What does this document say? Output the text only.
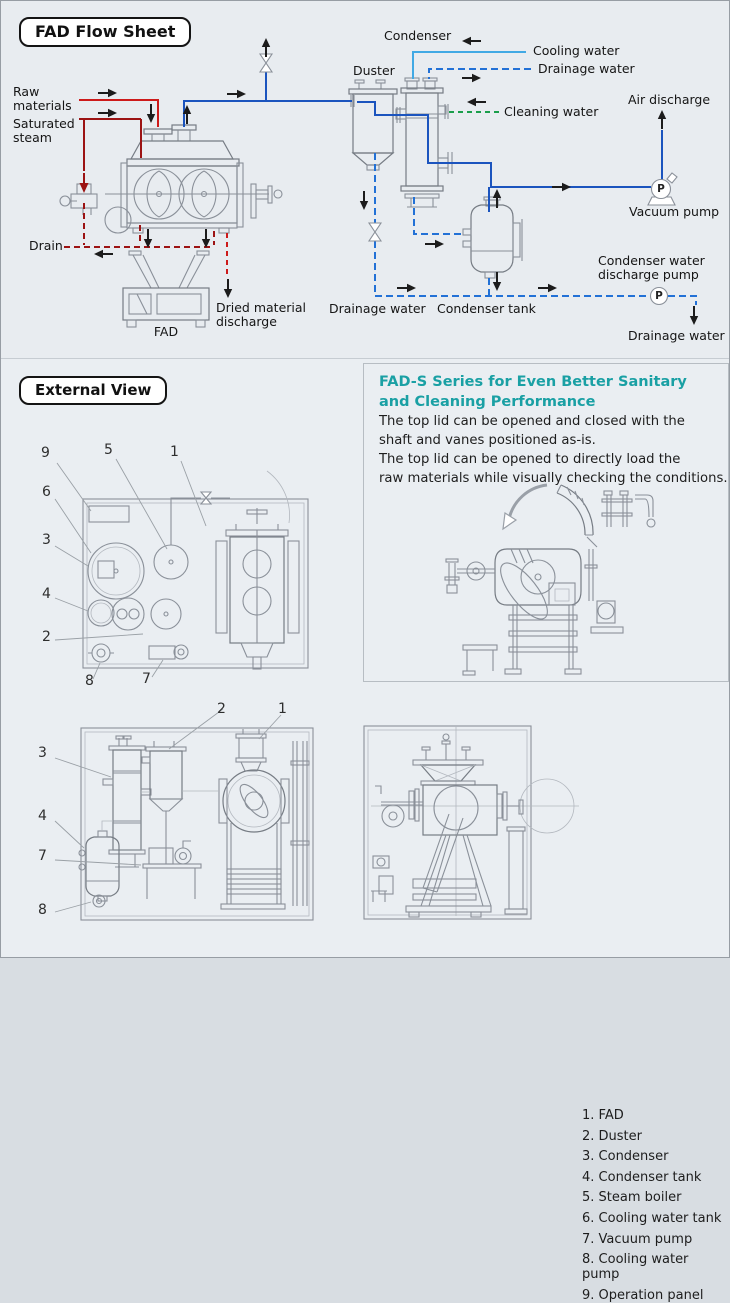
FAD Flow Sheet
Raw materials
Saturated steam
Drain
FAD
Dried material discharge
Duster
Condenser
Cooling water
Drainage water
Cleaning water
Air discharge
Vacuum pump
Condenser water discharge pump
Drainage water Condenser tank
Drainage water
P
P
External View
9	5	1
6
3
4
2
8	7
FAD-S Series for Even Better Sanitary
and Cleaning Performance
The top lid can be opened and closed with the
shaft and vanes positioned as-is.
The top lid can be opened to directly load the
raw materials while visually checking the conditions.
2	1
3
4
7
8
1. FAD
2. Duster
3. Condenser
4. Condenser tank
5. Steam boiler
6. Cooling water tank
7. Vacuum pump
8. Cooling water pump
9. Operation panel
